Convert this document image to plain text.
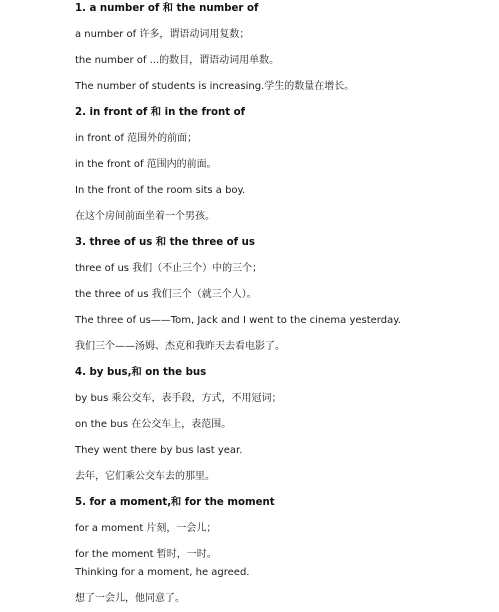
1. a number of 和 the number of
a number of 许多，谓语动词用复数；
the number of ...的数目，谓语动词用单数。
The number of students is increasing.学生的数量在增长。
2. in front of 和 in the front of
in front of 范围外的前面；
in the front of 范围内的前面。
In the front of the room sits a boy.
在这个房间前面坐着一个男孩。
3. three of us 和 the three of us
three of us 我们（不止三个）中的三个；
the three of us 我们三个（就三个人）。
The three of us——Tom, Jack and I went to the cinema yesterday.
我们三个——汤姆、杰克和我昨天去看电影了。
4. by bus,和 on the bus
by bus 乘公交车，表手段，方式，不用冠词；
on the bus 在公交车上，表范围。
They went there by bus last year.
去年，它们乘公交车去的那里。
5. for a moment,和 for the moment
for a moment 片刻，一会儿；
for the moment 暂时，一时。
Thinking for a moment, he agreed.
想了一会儿，他同意了。
